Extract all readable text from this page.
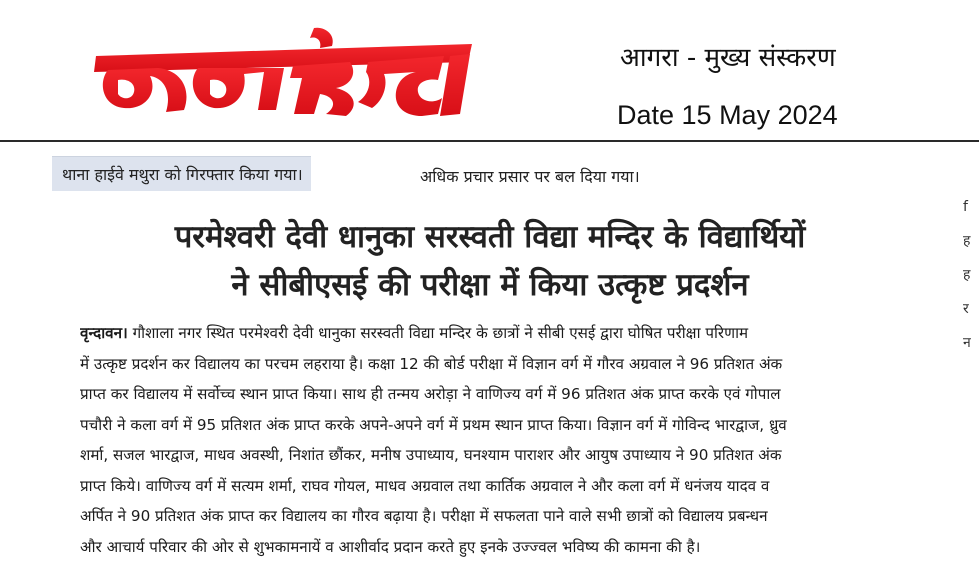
आगरा - मुख्य संस्करण
Date 15 May 2024
थाना हाईवे मथुरा को गिरफ्तार किया गया।	अधिक प्रचार प्रसार पर बल दिया गया।
f
ह
ह
र
न
परमेश्वरी देवी धानुका सरस्वती विद्या मन्दिर के विद्यार्थियों
ने सीबीएसई की परीक्षा में किया उत्कृष्ट प्रदर्शन
वृन्दावन। गौशाला नगर स्थित परमेश्वरी देवी धानुका सरस्वती विद्या मन्दिर के छात्रों ने सीबी एसई द्वारा घोषित परीक्षा परिणाम
में उत्कृष्ट प्रदर्शन कर विद्यालय का परचम लहराया है। कक्षा 12 की बोर्ड परीक्षा में विज्ञान वर्ग में गौरव अग्रवाल ने 96 प्रतिशत अंक
प्राप्त कर विद्यालय में सर्वोच्च स्थान प्राप्त किया। साथ ही तन्मय अरोड़ा ने वाणिज्य वर्ग में 96 प्रतिशत अंक प्राप्त करके एवं गोपाल
पचौरी ने कला वर्ग में 95 प्रतिशत अंक प्राप्त करके अपने-अपने वर्ग में प्रथम स्थान प्राप्त किया। विज्ञान वर्ग में गोविन्द भारद्वाज, ध्रुव
शर्मा, सजल भारद्वाज, माधव अवस्थी, निशांत छौंकर, मनीष उपाध्याय, घनश्याम पाराशर और आयुष उपाध्याय ने 90 प्रतिशत अंक
प्राप्त किये। वाणिज्य वर्ग में सत्यम शर्मा, राघव गोयल, माधव अग्रवाल तथा कार्तिक अग्रवाल ने और कला वर्ग में धनंजय यादव व
अर्पित ने 90 प्रतिशत अंक प्राप्त कर विद्यालय का गौरव बढ़ाया है। परीक्षा में सफलता पाने वाले सभी छात्रों को विद्यालय प्रबन्धन
और आचार्य परिवार की ओर से शुभकामनायें व आशीर्वाद प्रदान करते हुए इनके उज्ज्वल भविष्य की कामना की है।
